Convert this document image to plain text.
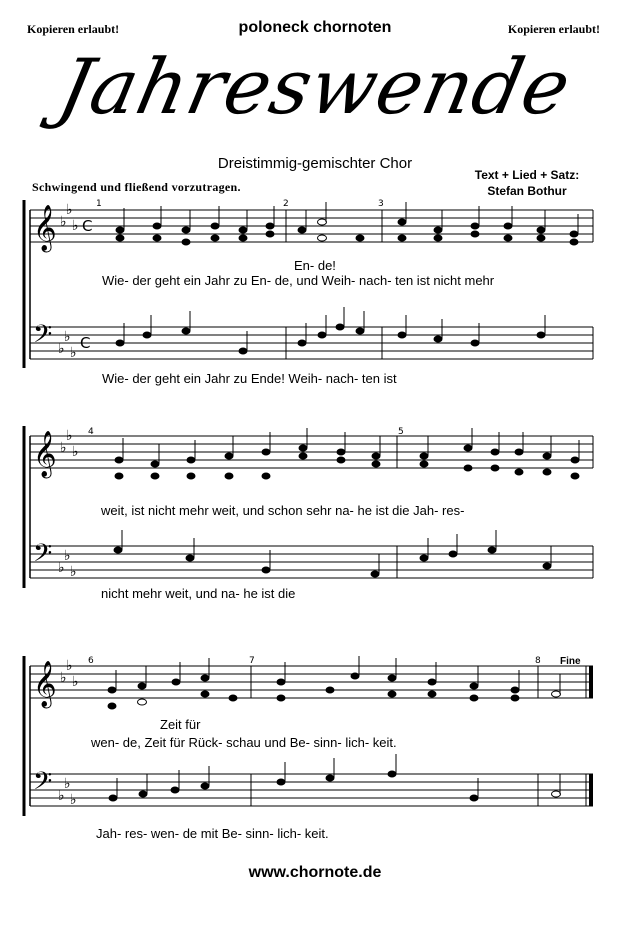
Kopieren erlaubt!	poloneck chornoten	Kopieren erlaubt!
Jahreswende
Dreistimmig-gemischter Chor
Text + Lied + Satz:
Stefan Bothur
Schwingend und fließend vorzutragen.
𝄞
𝄢
𝄞
𝄢
𝄞
𝄢
♭
♭
♭
♭
♭
♭
♭
♭
♭
♭
♭
♭
♭
♭
♭
♭
♭
♭
C
C
1	2	3
4	5
6	7	8 Fine
En- de!
Wie- der geht ein Jahr zu En- de, und Weih- nach- ten ist nicht mehr
Wie- der geht ein Jahr zu Ende! Weih- nach- ten ist
weit, ist nicht mehr weit, und schon sehr na- he ist die Jah- res-
nicht mehr weit, und na- he ist die
Zeit für
wen- de, Zeit für Rück- schau und Be- sinn- lich- keit.
Jah- res- wen- de mit Be- sinn- lich- keit.
www.chornote.de
